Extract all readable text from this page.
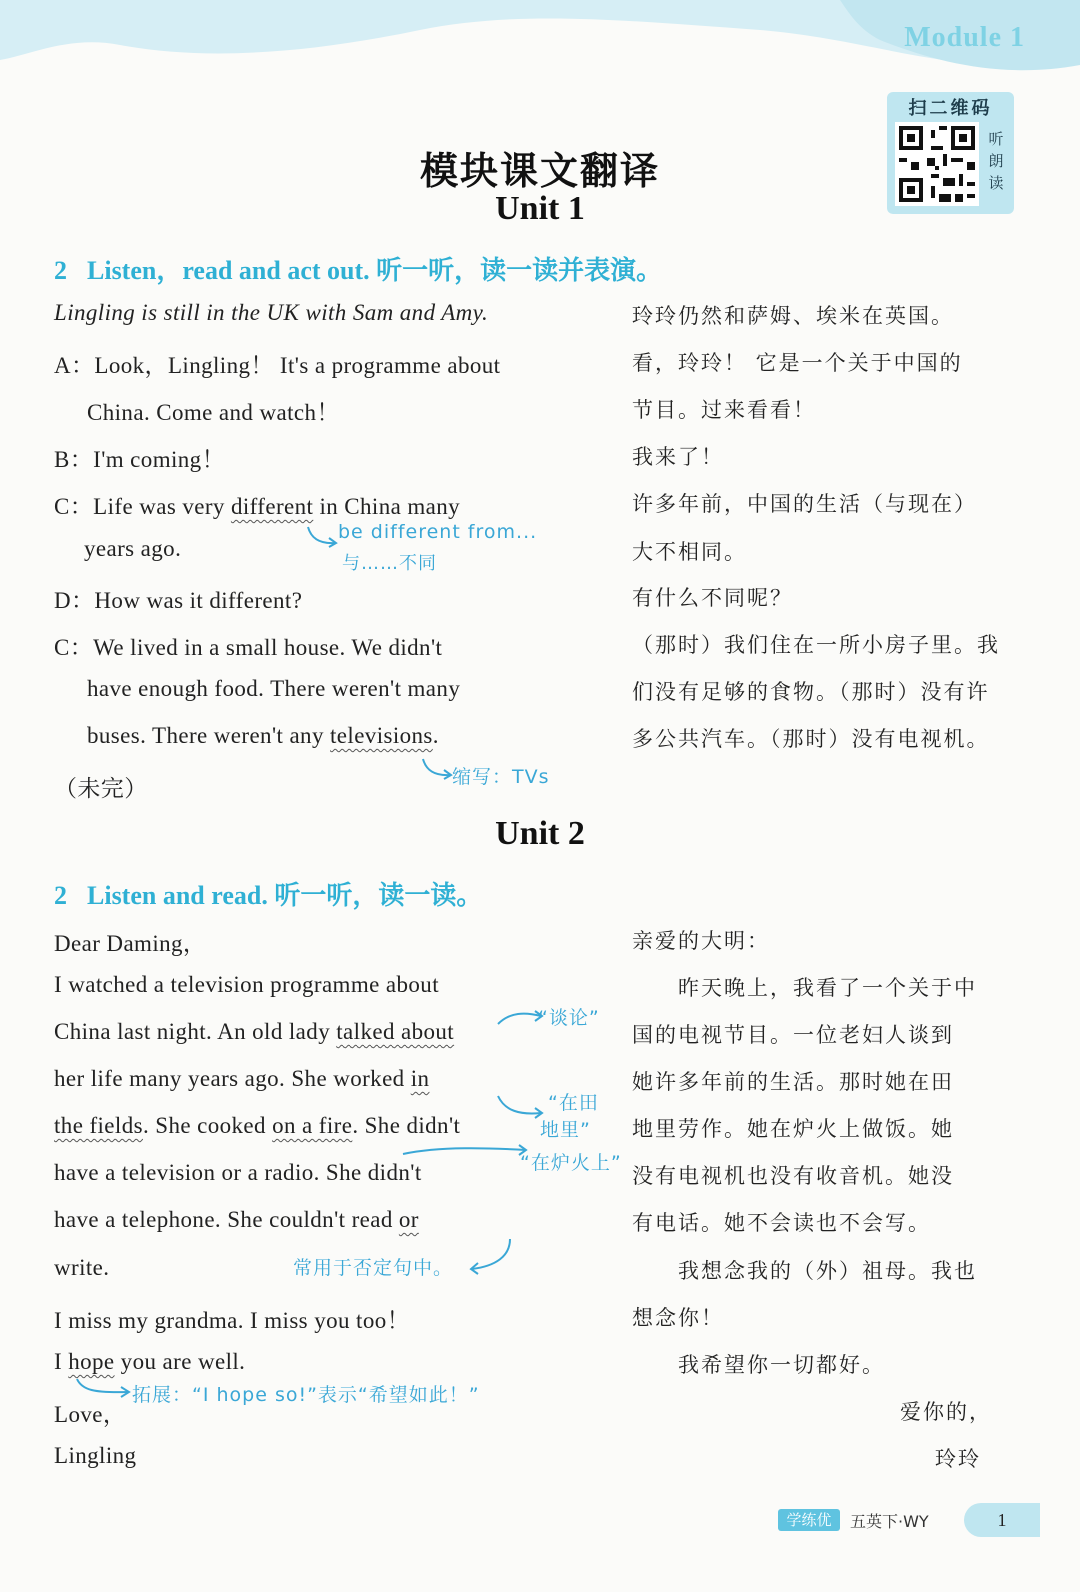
Module 1
扫二维码
听
朗
读
模块课文翻译
Unit 1
2 Listen，read and act out. 听一听，读一读并表演。
Lingling is still in the UK with Sam and Amy.
A：Look，Lingling！ It's a programme about
China. Come and watch！
B：I'm coming！
C：Life was very different in China many
years ago.
D：How was it different?
C：We lived in a small house. We didn't
have enough food. There weren't many
buses. There weren't any televisions.
（未完）
玲玲仍然和萨姆、埃米在英国。
看，玲玲！ 它是一个关于中国的
节目。过来看看！
我来了！
许多年前，中国的生活（与现在）
大不相同。
有什么不同呢？
（那时）我们住在一所小房子里。我
们没有足够的食物。（那时）没有许
多公共汽车。（那时）没有电视机。
be different from...
与……不同
缩写：TVs
Unit 2
2 Listen and read. 听一听，读一读。
Dear Daming，
I watched a television programme about
China last night. An old lady talked about
her life many years ago. She worked in
the fields. She cooked on a fire. She didn't
have a television or a radio. She didn't
have a telephone. She couldn't read or
write.
I miss my grandma. I miss you too！
I hope you are well.
Love，
Lingling
亲爱的大明：
昨天晚上，我看了一个关于中
国的电视节目。一位老妇人谈到
她许多年前的生活。那时她在田
地里劳作。她在炉火上做饭。她
没有电视机也没有收音机。她没
有电话。她不会读也不会写。
我想念我的（外）祖母。我也
想念你！
我希望你一切都好。
爱你的，
玲玲
“谈论”
“在田
地里”
“在炉火上”
常用于否定句中。
拓展：“I hope so!”表示“希望如此！”
学练优	五英下·WY	1
